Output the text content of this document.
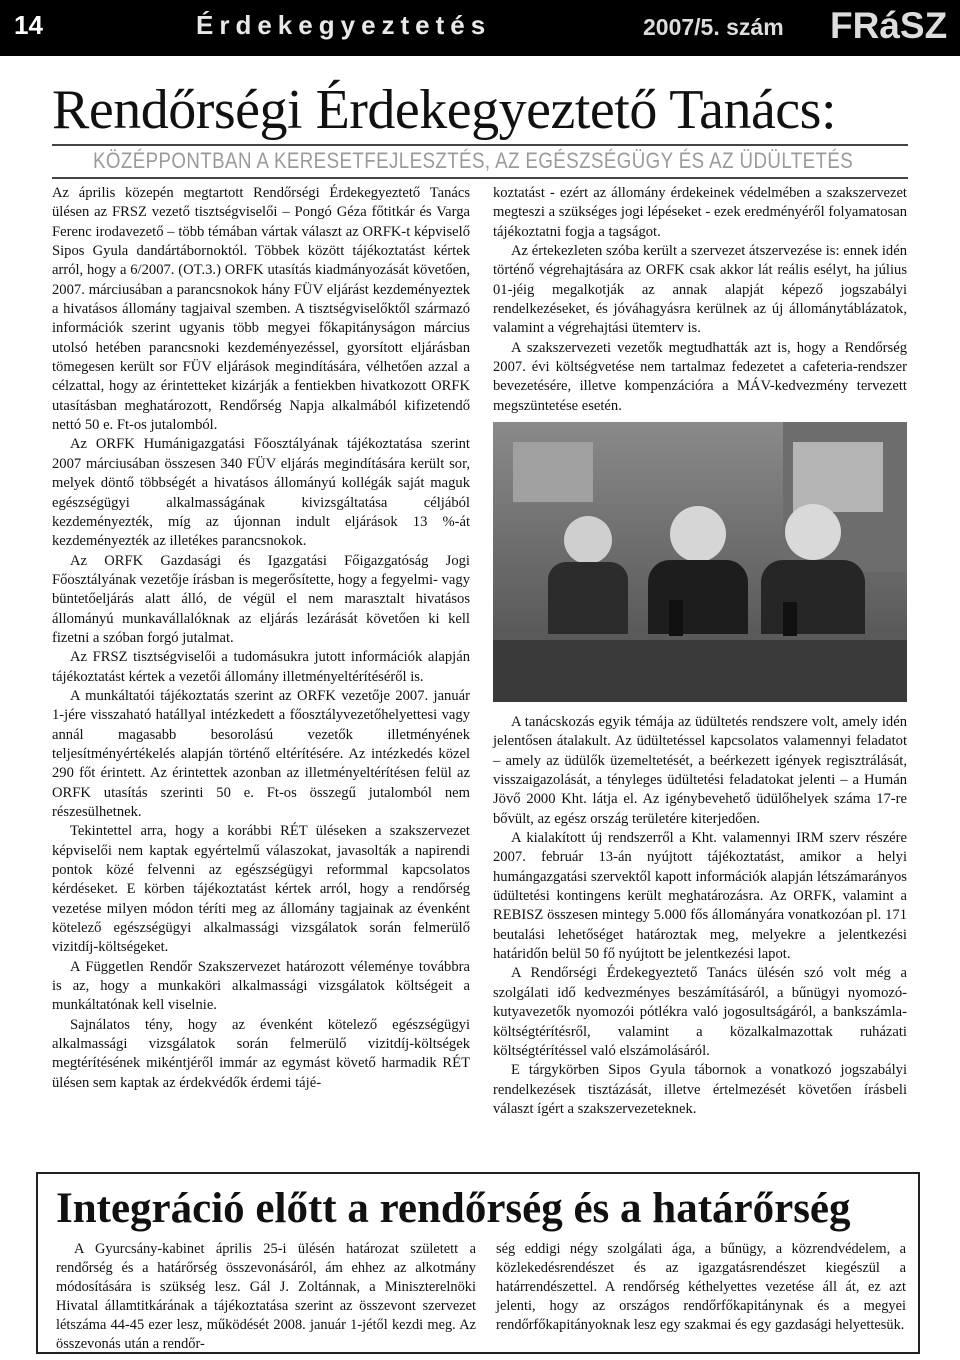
14	Érdekegyeztetés	2007/5. szám FRáSZ
Rendőrségi Érdekegyeztető Tanács:
KÖZÉPPONTBAN A KERESETFEJLESZTÉS, AZ EGÉSZSÉGÜGY ÉS AZ ÜDÜLTETÉS

Az április közepén megtartott Rendőrségi Érdekegyeztető Tanács ülésen az FRSZ vezető tisztségviselői – Pongó Géza főtitkár és Varga Ferenc irodavezető – több témában vártak választ az ORFK-t képviselő Sipos Gyula dandártábornoktól. Többek között tájékoztatást kértek arról, hogy a 6/2007. (OT.3.) ORFK utasítás kiadmányozását követően, 2007. márciusában a parancsnokok hány FÜV eljárást kezdeményeztek a hivatásos állomány tagjaival szemben. A tisztségviselőktől származó információk szerint ugyanis több megyei főkapitányságon március utolsó hetében parancsnoki kezdeményezéssel, gyorsított eljárásban tömegesen került sor FÜV eljárások megindítására, vélhetően azzal a célzattal, hogy az érintetteket kizárják a fentiekben hivatkozott ORFK utasításban meghatározott, Rendőrség Napja alkalmából kifizetendő nettó 50 e. Ft-os jutalomból.

Az ORFK Humánigazgatási Főosztályának tájékoztatása szerint 2007 márciusában összesen 340 FÜV eljárás megindítására került sor, melyek döntő többségét a hivatásos állományú kollégák saját maguk egészségügyi alkalmasságának kivizsgáltatása céljából kezdeményezték, míg az újonnan indult eljárások 13 %-át kezdeményezték az illetékes parancsnokok.

Az ORFK Gazdasági és Igazgatási Főigazgatóság Jogi Főosztályának vezetője írásban is megerősítette, hogy a fegyelmi- vagy büntetőeljárás alatt álló, de végül el nem marasztalt hivatásos állományú munkavállalóknak az eljárás lezárását követően ki kell fizetni a szóban forgó jutalmat.

Az FRSZ tisztségviselői a tudomásukra jutott információk alapján tájékoztatást kértek a vezetői állomány illetményeltérítéséről is.

A munkáltatói tájékoztatás szerint az ORFK vezetője 2007. január 1-jére visszaható hatállyal intézkedett a főosztályvezetőhelyettesi vagy annál magasabb besorolású vezetők illetményének teljesítményértékelés alapján történő eltérítésére. Az intézkedés közel 290 főt érintett. Az érintettek azonban az illetményeltérítésen felül az ORFK utasítás szerinti 50 e. Ft-os összegű jutalomból nem részesülhetnek.

Tekintettel arra, hogy a korábbi RÉT üléseken a szakszervezet képviselői nem kaptak egyértelmű válaszokat, javasolták a napirendi pontok közé felvenni az egészségügyi reformmal kapcsolatos kérdéseket. E körben tájékoztatást kértek arról, hogy a rendőrség vezetése milyen módon téríti meg az állomány tagjainak az évenként kötelező egészségügyi alkalmassági vizsgálatok során felmerülő vizitdíj-költségeket.

A Független Rendőr Szakszervezet határozott véleménye továbbra is az, hogy a munkaköri alkalmassági vizsgálatok költségeit a munkáltatónak kell viselnie.

Sajnálatos tény, hogy az évenként kötelező egészségügyi alkalmassági vizsgálatok során felmerülő vizitdíj-költségek megtérítésének mikéntjéről immár az egymást követő harmadik RÉT ülésen sem kaptak az érdekvédők érdemi tájé-

koztatást - ezért az állomány érdekeinek védelmében a szakszervezet megteszi a szükséges jogi lépéseket - ezek eredményéről folyamatosan tájékoztatni fogja a tagságot.

Az értekezleten szóba került a szervezet átszervezése is: ennek idén történő végrehajtására az ORFK csak akkor lát reális esélyt, ha július 01-jéig megalkotják az annak alapját képező jogszabályi rendelkezéseket, és jóváhagyásra kerülnek az új állománytáblázatok, valamint a végrehajtási ütemterv is.

A szakszervezeti vezetők megtudhatták azt is, hogy a Rendőrség 2007. évi költségvetése nem tartalmaz fedezetet a cafeteria-rendszer bevezetésére, illetve kompenzációra a MÁV-kedvezmény tervezett megszüntetése esetén.

A tanácskozás egyik témája az üdültetés rendszere volt, amely idén jelentősen átalakult. Az üdültetéssel kapcsolatos valamennyi feladatot – amely az üdülők üzemeltetését, a beérkezett igények regisztrálását, visszaigazolását, a tényleges üdültetési feladatokat jelenti – a Humán Jövő 2000 Kht. látja el. Az igénybevehető üdülőhelyek száma 17-re bővült, az egész ország területére kiterjedően.

A kialakított új rendszerről a Kht. valamennyi IRM szerv részére 2007. február 13-án nyújtott tájékoztatást, amikor a helyi humángazgatási szervektől kapott információk alapján létszámarányos üdültetési kontingens került meghatározásra. Az ORFK, valamint a REBISZ összesen mintegy 5.000 fős állományára vonatkozóan pl. 171 beutalási lehetőséget határoztak meg, melyekre a jelentkezési határidőn belül 50 fő nyújtott be jelentkezési lapot.

A Rendőrségi Érdekegyeztető Tanács ülésén szó volt még a szolgálati idő kedvezményes beszámításáról, a bűnügyi nyomozó-kutyavezetők nyomozói pótlékra való jogosultságáról, a bankszámla-költségtérítésről, valamint a közalkalmazottak ruházati költségtérítéssel való elszámolásáról.

E tárgykörben Sipos Gyula tábornok a vonatkozó jogszabályi rendelkezések tisztázását, illetve értelmezését követően írásbeli választ ígért a szakszervezeteknek.

Integráció előtt a rendőrség és a határőrség

A Gyurcsány-kabinet április 25-i ülésén határozat született a rendőrség és a határőrség összevonásáról, ám ehhez az alkotmány módosítására is szükség lesz. Gál J. Zoltánnak, a Miniszterelnöki Hivatal államtitkárának a tájékoztatása szerint az összevont szervezet létszáma 44-45 ezer lesz, működését 2008. január 1-jétől kezdi meg. Az összevonás után a rendőr-

ség eddigi négy szolgálati ága, a bűnügy, a közrendvédelem, a közlekedésrendészet és az igazgatásrendészet kiegészül a határrendészettel. A rendőrség kéthelyettes vezetése áll át, ez azt jelenti, hogy az országos rendőrfőkapitánynak és a megyei rendőrfőkapitányoknak lesz egy szakmai és egy gazdasági helyettesük.
